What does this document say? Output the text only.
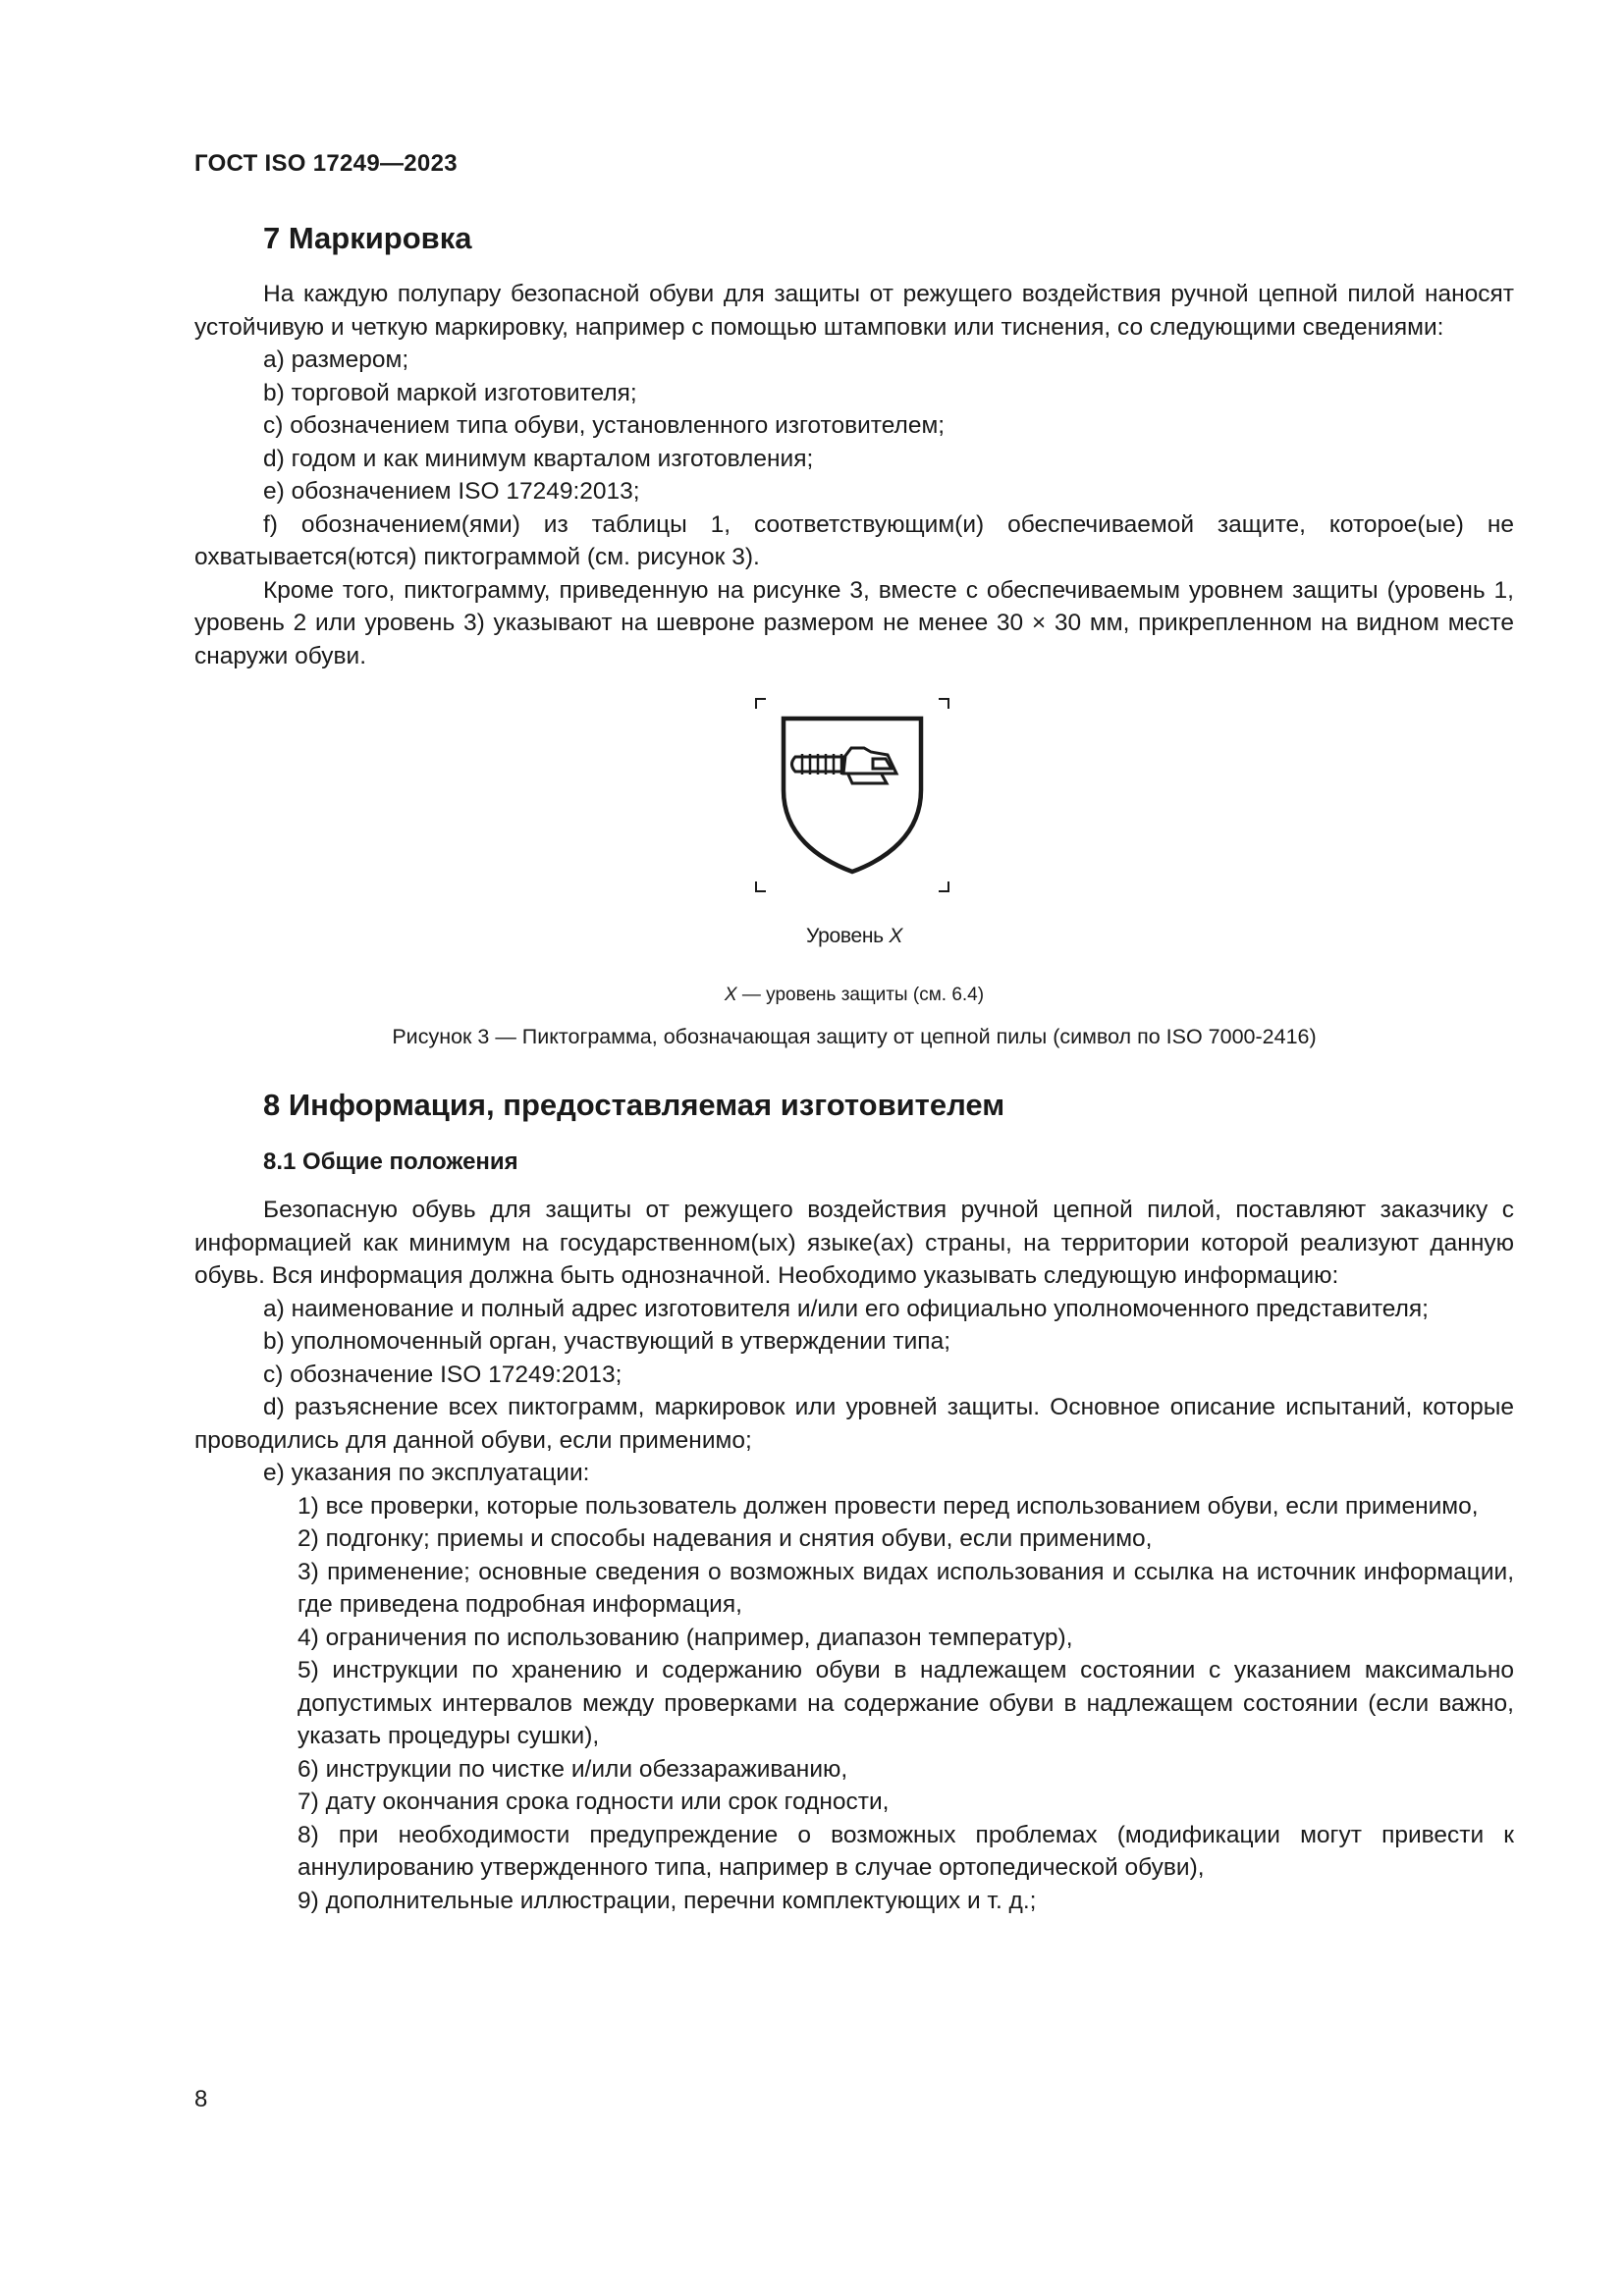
ГОСТ ISO 17249—2023
7 Маркировка

На каждую полупару безопасной обуви для защиты от режущего воздействия ручной цепной пилой наносят устойчивую и четкую маркировку, например с помощью штамповки или тиснения, со следующими сведениями:

a) размером;

b) торговой маркой изготовителя;

c) обозначением типа обуви, установленного изготовителем;

d) годом и как минимум кварталом изготовления;

e) обозначением ISO 17249:2013;

f) обозначением(ями) из таблицы 1, соответствующим(и) обеспечиваемой защите, которое(ые) не охватывается(ются) пиктограммой (см. рисунок 3).

Кроме того, пиктограмму, приведенную на рисунке 3, вместе с обеспечиваемым уровнем защиты (уровень 1, уровень 2 или уровень 3) указывают на шевроне размером не менее 30 × 30 мм, прикрепленном на видном месте снаружи обуви.

Уровень X
X — уровень защиты (см. 6.4)
Рисунок 3 — Пиктограмма, обозначающая защиту от цепной пилы (символ по ISO 7000-2416)
8 Информация, предоставляемая изготовителем
8.1 Общие положения

Безопасную обувь для защиты от режущего воздействия ручной цепной пилой, поставляют заказчику с информацией как минимум на государственном(ых) языке(ах) страны, на территории которой реализуют данную обувь. Вся информация должна быть однозначной. Необходимо указывать следующую информацию:

a) наименование и полный адрес изготовителя и/или его официально уполномоченного представителя;

b) уполномоченный орган, участвующий в утверждении типа;

c) обозначение ISO 17249:2013;

d) разъяснение всех пиктограмм, маркировок или уровней защиты. Основное описание испытаний, которые проводились для данной обуви, если применимо;

e) указания по эксплуатации:

1) все проверки, которые пользователь должен провести перед использованием обуви, если применимо,

2) подгонку; приемы и способы надевания и снятия обуви, если применимо,

3) применение; основные сведения о возможных видах использования и ссылка на источник информации, где приведена подробная информация,

4) ограничения по использованию (например, диапазон температур),

5) инструкции по хранению и содержанию обуви в надлежащем состоянии с указанием максимально допустимых интервалов между проверками на содержание обуви в надлежащем состоянии (если важно, указать процедуры сушки),

6) инструкции по чистке и/или обеззараживанию,

7) дату окончания срока годности или срок годности,

8) при необходимости предупреждение о возможных проблемах (модификации могут привести к аннулированию утвержденного типа, например в случае ортопедической обуви),

9) дополнительные иллюстрации, перечни комплектующих и т. д.;

8
